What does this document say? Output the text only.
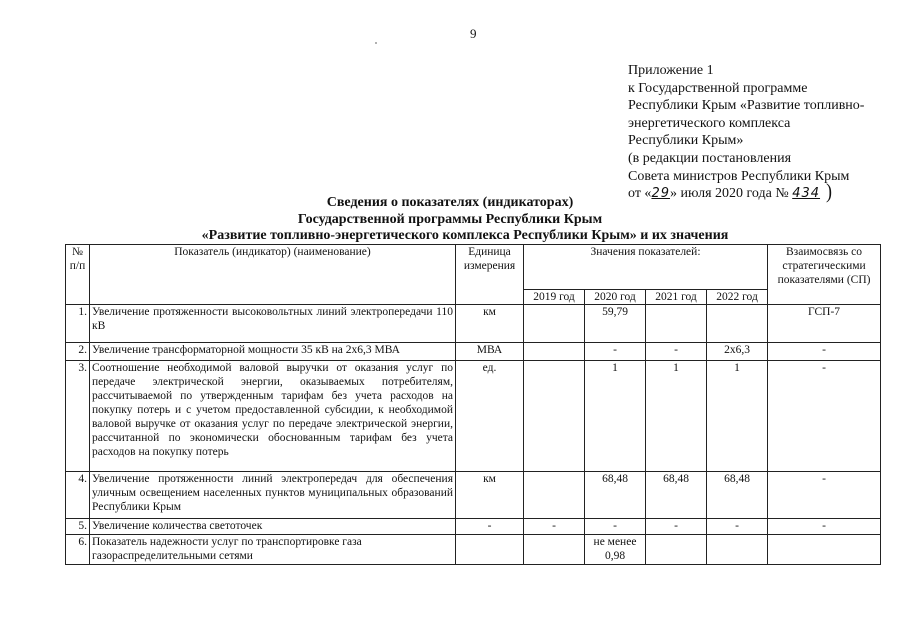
9
Приложение 1
к Государственной программе
Республики Крым «Развитие топливно-
энергетического комплекса
Республики Крым»
(в редакции постановления
Совета министров Республики Крым
от «29» июля 2020 года № 434 )
Сведения о показателях (индикаторах)
Государственной программы Республики Крым
«Развитие топливно-энергетического комплекса Республики Крым» и их значения
№ п/п	Показатель (индикатор) (наименование)	Единица измерения	Значения показателей:				Взаимосвязь со стратегическими показателями (СП)
			2019 год	2020 год	2021 год	2022 год	
1.	Увеличение протяженности высоковольтных линий электропередачи 110 кВ	км		59,79			ГСП-7
2.	Увеличение трансформаторной мощности 35 кВ на 2х6,3 МВА	МВА		-	-	2х6,3	-
3.	Соотношение необходимой валовой выручки от оказания услуг по передаче электрической энергии, оказываемых потребителям, рассчитываемой по утвержденным тарифам без учета расходов на покупку потерь и с учетом предоставленной субсидии, к необходимой валовой выручке от оказания услуг по передаче электрической энергии, рассчитанной по экономически обоснованным тарифам без учета расходов на покупку потерь	ед.		1	1	1	-
4.	Увеличение протяженности линий электропередач для обеспечения уличным освещением населенных пунктов муниципальных образований Республики Крым	км		68,48	68,48	68,48	-
5.	Увеличение количества светоточек	-	-	-	-	-	-
6.	Показатель надежности услуг по транспортировке газа газораспределительными сетями			не менее 0,98			
